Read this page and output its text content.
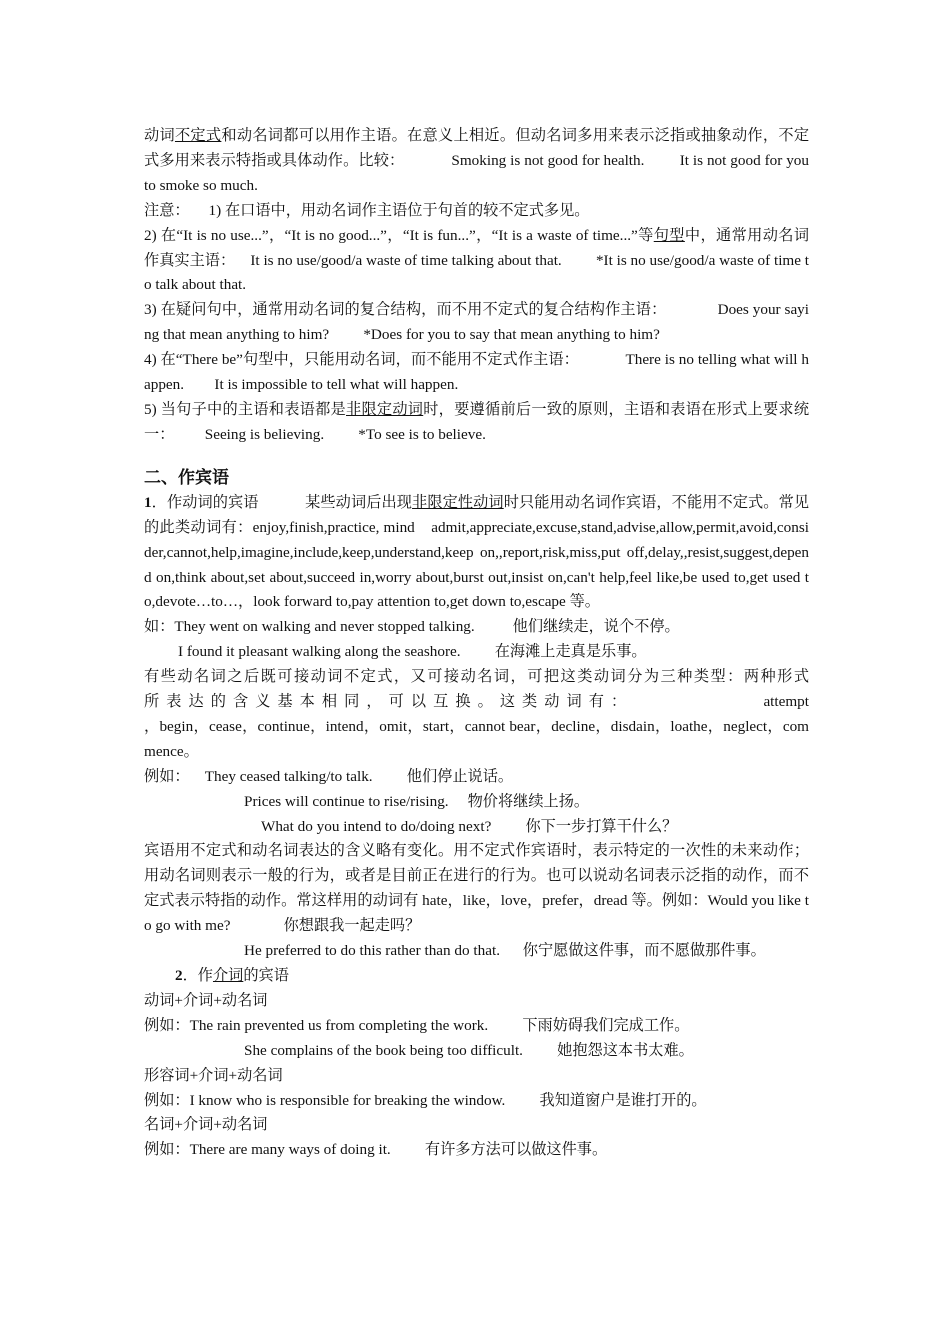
动词不定式和动名词都可以用作主语。在意义上相近。但动名词多用来表示泛指或抽象动作，不定式多用来表示特指或具体动作。比较：            Smoking is not good for health.         It is not good for you to smoke so much.

注意：     1) 在口语中，用动名词作主语位于句首的较不定式多见。

2) 在“It is no use...”，“It is no good...”，“It is fun...”，“It is a waste of time...”等句型中，通常用动名词作真实主语：    It is no use/good/a waste of time talking about that.         *It is no use/good/a waste of time to talk about that.

3) 在疑问句中，通常用动名词的复合结构，而不用不定式的复合结构作主语：             Does your saying that mean anything to him?         *Does for you to say that mean anything to him?

4) 在“There be”句型中，只能用动名词，而不能用不定式作主语：            There is no telling what will happen.        It is impossible to tell what will happen.

5) 当句子中的主语和表语都是非限定动词时，要遵循前后一致的原则，主语和表语在形式上要求统一：        Seeing is believing.         *To see is to believe.

二、作宾语

1．作动词的宾语            某些动词后出现非限定性动词时只能用动名词作宾语，不能用不定式。常见的此类动词有：enjoy,finish,practice, mind    admit,appreciate,excuse,stand,advise,allow,permit,avoid,consider,cannot,help,imagine,include,keep,understand,keep on,,report,risk,miss,put off,delay,,resist,suggest,depend on,think about,set about,succeed in,worry about,burst out,insist on,can't help,feel like,be used to,get used to,devote…to…，look forward to,pay attention to,get down to,escape 等。

如：They went on walking and never stopped talking.          他们继续走，说个不停。

I found it pleasant walking along the seashore.         在海滩上走真是乐事。

有些动名词之后既可接动词不定式，又可接动名词，可把这类动词分为三种类型：两种形式

所表达的含义基本相同，可以互换。这类动词有：            attempt

，begin，cease，continue，intend，omit，start，cannot bear，decline，disdain，loathe，neglect，commence。

例如：    They ceased talking/to talk.         他们停止说话。

Prices will continue to rise/rising.     物价将继续上扬。

What do you intend to do/doing next?         你下一步打算干什么？

宾语用不定式和动名词表达的含义略有变化。用不定式作宾语时，表示特定的一次性的未来动作；用动名词则表示一般的行为，或者是目前正在进行的行为。也可以说动名词表示泛指的动作，而不定式表示特指的动作。常这样用的动词有 hate，like，love，prefer，dread 等。例如：Would you like to go with me?              你想跟我一起走吗？

He preferred to do this rather than do that.      你宁愿做这件事，而不愿做那件事。

2．作介词的宾语

动词+介词+动名词

例如：The rain prevented us from completing the work.         下雨妨碍我们完成工作。

She complains of the book being too difficult.         她抱怨这本书太难。

形容词+介词+动名词

例如：I know who is responsible for breaking the window.         我知道窗户是谁打开的。

名词+介词+动名词

例如：There are many ways of doing it.         有许多方法可以做这件事。
